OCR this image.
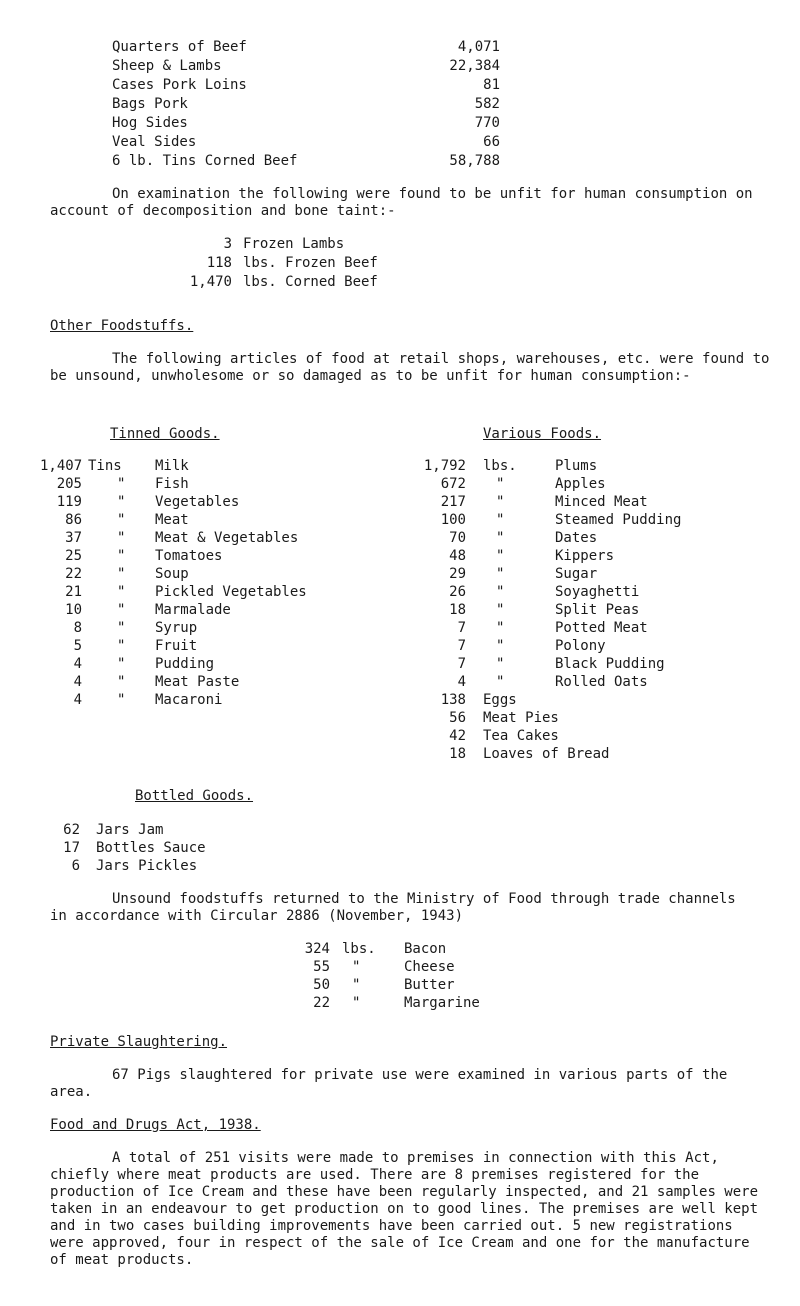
Quarters of Beef	4,071
Sheep & Lambs	22,384
Cases Pork Loins	81
Bags Pork	582
Hog Sides	770
Veal Sides	66
6 lb. Tins Corned Beef	58,788
On examination the following were found to be unfit for human consumption on account of decomposition and bone taint:-
3 Frozen Lambs
118 lbs. Frozen Beef
1,470 lbs. Corned Beef
Other Foodstuffs.
The following articles of food at retail shops, warehouses, etc. were found to be unsound, unwholesome or so damaged as to be unfit for human consumption:-
Tinned Goods.	Various Foods.
1,407 Tins Milk
205	" Fish
119	" Vegetables
86	" Meat
37	" Meat & Vegetables
25	" Tomatoes
22	" Soup
21	" Pickled Vegetables
10	" Marmalade
8	" Syrup
5	" Fruit
4	" Pudding
4	" Meat Paste
4	" Macaroni
1,792 lbs.	Plums
672 "	Apples
217 "	Minced Meat
100 "	Steamed Pudding
70 "	Dates
48 "	Kippers
29 "	Sugar
26 "	Soyaghetti
18 "	Split Peas
7 "	Potted Meat
7 "	Polony
7 "	Black Pudding
4 "	Rolled Oats
138 Eggs
56 Meat Pies
42 Tea Cakes
18 Loaves of Bread
Bottled Goods.
62 Jars Jam
17 Bottles Sauce
6 Jars Pickles
Unsound foodstuffs returned to the Ministry of Food through trade channels in accordance with Circular 2886 (November, 1943)
324 lbs. Bacon
55 "	Cheese
50 "	Butter
22 "	Margarine
Private Slaughtering.
67 Pigs slaughtered for private use were examined in various parts of the area.
Food and Drugs Act, 1938.
A total of 251 visits were made to premises in connection with this Act, chiefly where meat products are used. There are 8 premises registered for the production of Ice Cream and these have been regularly inspected, and 21 samples were taken in an endeavour to get production on to good lines. The premises are well kept and in two cases building improvements have been carried out. 5 new registrations were approved, four in respect of the sale of Ice Cream and one for the manufacture of meat products.
